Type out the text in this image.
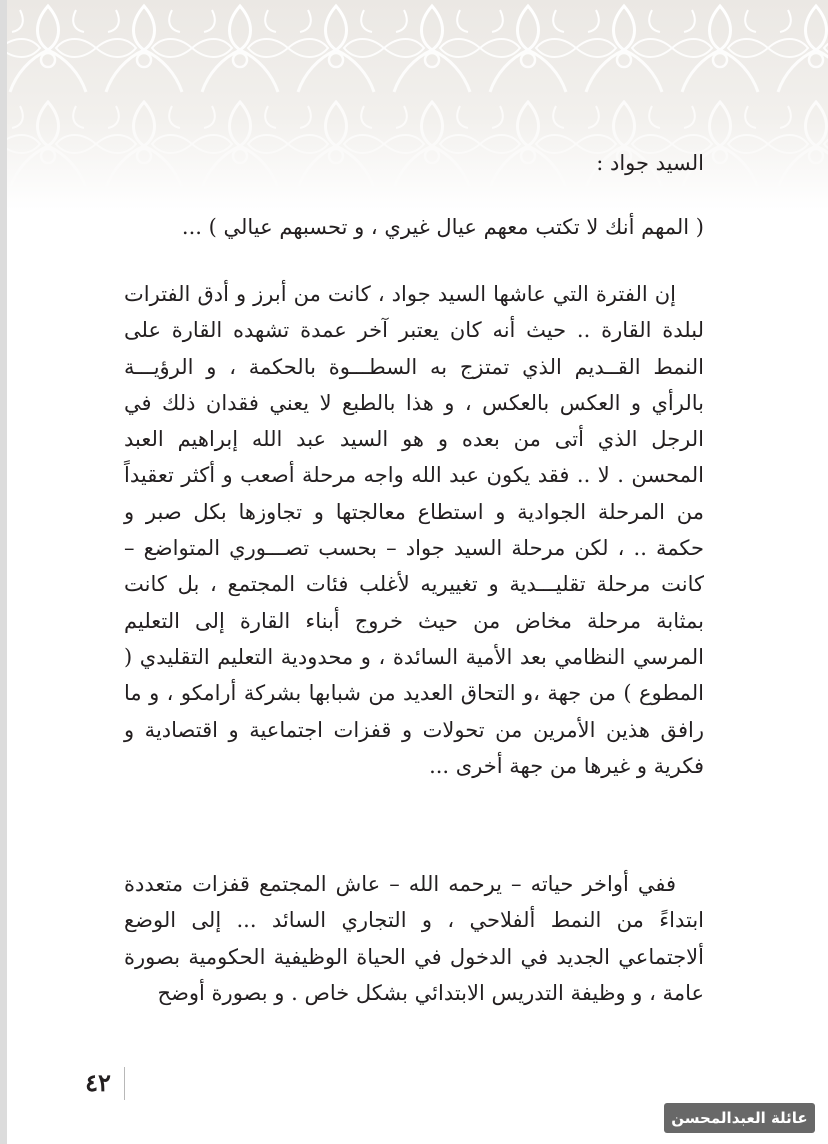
السيد جواد :
( المهم أنك لا تكتب معهم عيال غيري ، و تحسبهم عيالي ) ...
إن الفترة التي عاشها السيد جواد ، كانت من أبرز و أدق الفترات لبلدة القارة .. حيث أنه كان يعتبر آخر عمدة تشهده القارة على النمط القــديم الذي تمتزج به السطـــوة بالحكمة ، و الرؤيـــة بالرأي و العكس بالعكس ، و هذا بالطبع لا يعني فقدان ذلك في الرجل الذي أتى من بعده و هو السيد عبد الله إبراهيم العبد المحسن . لا .. فقد يكون عبد الله واجه مرحلة أصعب و أكثر تعقيداً من المرحلة الجوادية و استطاع معالجتها و تجاوزها بكل صبر و حكمة .. ، لكن مرحلة السيد جواد – بحسب تصـــوري المتواضع – كانت مرحلة تقليـــدية و تغييريه لأغلب فئات المجتمع ، بل كانت بمثابة مرحلة مخاض من حيث خروج أبناء القارة إلى التعليم المرسي النظامي بعد الأمية السائدة ، و محدودية التعليم التقليدي ( المطوع ) من جهة ،و التحاق العديد من شبابها بشركة أرامكو ، و ما رافق هذين الأمرين من تحولات و قفزات اجتماعية و اقتصادية و فكرية و غيرها من جهة أخرى ...
ففي أواخر حياته – يرحمه الله – عاش المجتمع قفزات متعددة ابتداءً من النمط ألفلاحي ، و التجاري السائد ... إلى الوضع ألاجتماعي الجديد في الدخول في الحياة الوظيفية الحكومية بصورة عامة ، و وظيفة التدريس الابتدائي بشكل خاص . و بصورة أوضح
٤٢
عائلة العبدالمحسن
